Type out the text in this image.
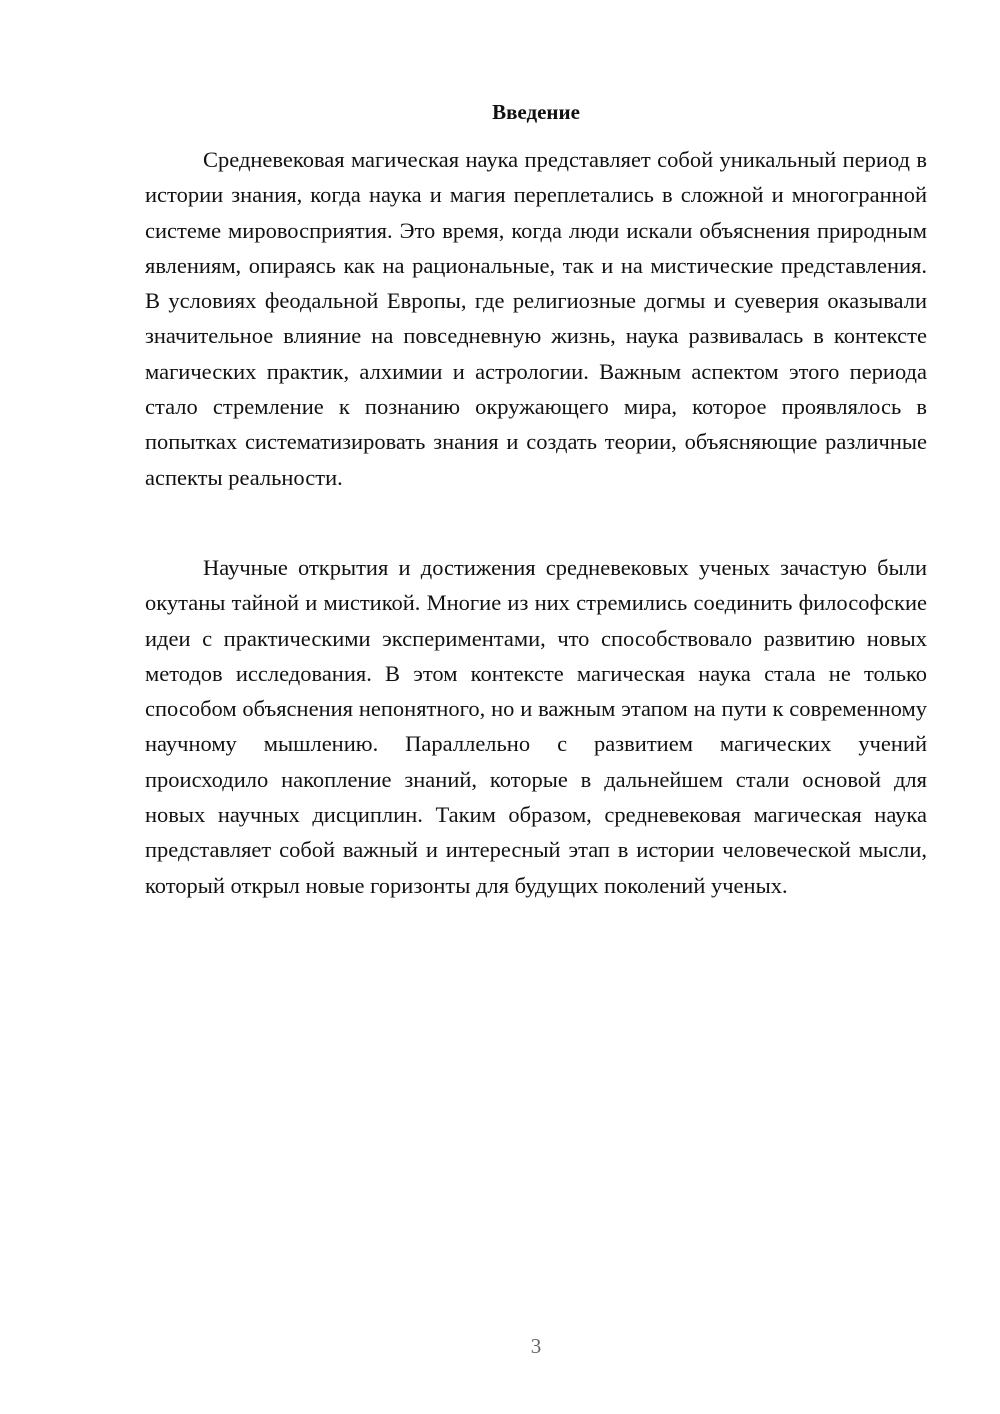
Введение

Средневековая магическая наука представляет собой уникальный период в истории знания, когда наука и магия переплетались в сложной и многогранной системе мировосприятия. Это время, когда люди искали объяснения природным явлениям, опираясь как на рациональные, так и на мистические представления. В условиях феодальной Европы, где религиозные догмы и суеверия оказывали значительное влияние на повседневную жизнь, наука развивалась в контексте магических практик, алхимии и астрологии. Важным аспектом этого периода стало стремление к познанию окружающего мира, которое проявлялось в попытках систематизировать знания и создать теории, объясняющие различные аспекты реальности.

Научные открытия и достижения средневековых ученых зачастую были окутаны тайной и мистикой. Многие из них стремились соединить философские идеи с практическими экспериментами, что способствовало развитию новых методов исследования. В этом контексте магическая наука стала не только способом объяснения непонятного, но и важным этапом на пути к современному научному мышлению. Параллельно с развитием магических учений происходило накопление знаний, которые в дальнейшем стали основой для новых научных дисциплин. Таким образом, средневековая магическая наука представляет собой важный и интересный этап в истории человеческой мысли, который открыл новые горизонты для будущих поколений ученых.

3
